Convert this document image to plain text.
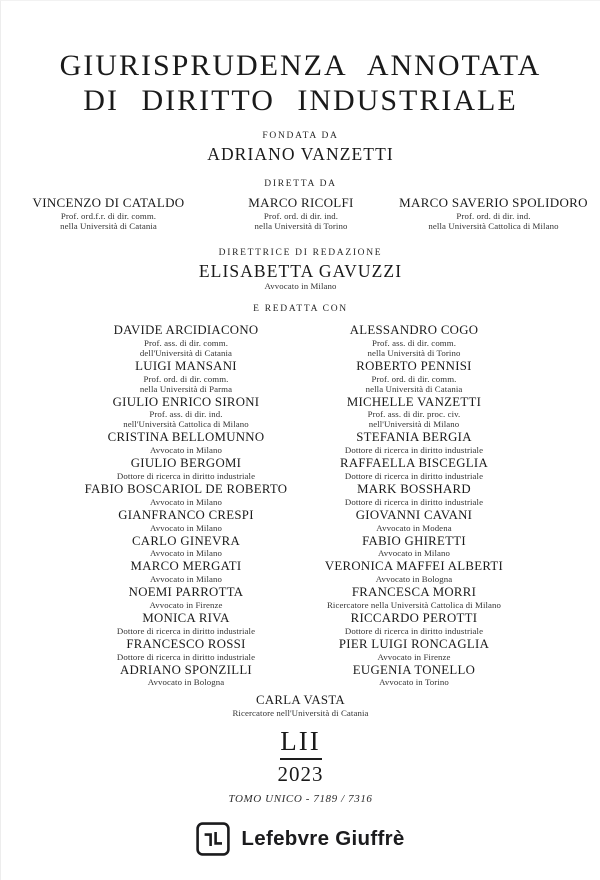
GIURISPRUDENZA ANNOTATA
DI DIRITTO INDUSTRIALE
FONDATA DA
ADRIANO VANZETTI
DIRETTA DA
VINCENZO DI CATALDO
Prof. ord.f.r. di dir. comm.
nella Università di Catania
MARCO RICOLFI
Prof. ord. di dir. ind.
nella Università di Torino
MARCO SAVERIO SPOLIDORO
Prof. ord. di dir. ind.
nella Università Cattolica di Milano
DIRETTRICE DI REDAZIONE
ELISABETTA GAVUZZI
Avvocato in Milano
E REDATTA CON
DAVIDE ARCIDIACONO
Prof. ass. di dir. comm.
dell'Università di Catania
LUIGI MANSANI
Prof. ord. di dir. comm.
nella Università di Parma
GIULIO ENRICO SIRONI
Prof. ass. di dir. ind.
nell'Università Cattolica di Milano
CRISTINA BELLOMUNNO
Avvocato in Milano
GIULIO BERGOMI
Dottore di ricerca in diritto industriale
FABIO BOSCARIOL DE ROBERTO
Avvocato in Milano
GIANFRANCO CRESPI
Avvocato in Milano
CARLO GINEVRA
Avvocato in Milano
MARCO MERGATI
Avvocato in Milano
NOEMI PARROTTA
Avvocato in Firenze
MONICA RIVA
Dottore di ricerca in diritto industriale
FRANCESCO ROSSI
Dottore di ricerca in diritto industriale
ADRIANO SPONZILLI
Avvocato in Bologna
ALESSANDRO COGO
Prof. ass. di dir. comm.
nella Università di Torino
ROBERTO PENNISI
Prof. ord. di dir. comm.
nella Università di Catania
MICHELLE VANZETTI
Prof. ass. di dir. proc. civ.
nell'Università di Milano
STEFANIA BERGIA
Dottore di ricerca in diritto industriale
RAFFAELLA BISCEGLIA
Dottore di ricerca in diritto industriale
MARK BOSSHARD
Dottore di ricerca in diritto industriale
GIOVANNI CAVANI
Avvocato in Modena
FABIO GHIRETTI
Avvocato in Milano
VERONICA MAFFEI ALBERTI
Avvocato in Bologna
FRANCESCA MORRI
Ricercatore nella Università Cattolica di Milano
RICCARDO PEROTTI
Dottore di ricerca in diritto industriale
PIER LUIGI RONCAGLIA
Avvocato in Firenze
EUGENIA TONELLO
Avvocato in Torino
CARLA VASTA
Ricercatore nell'Università di Catania
LII
2023
TOMO UNICO - 7189 / 7316
Lefebvre Giuffrè
